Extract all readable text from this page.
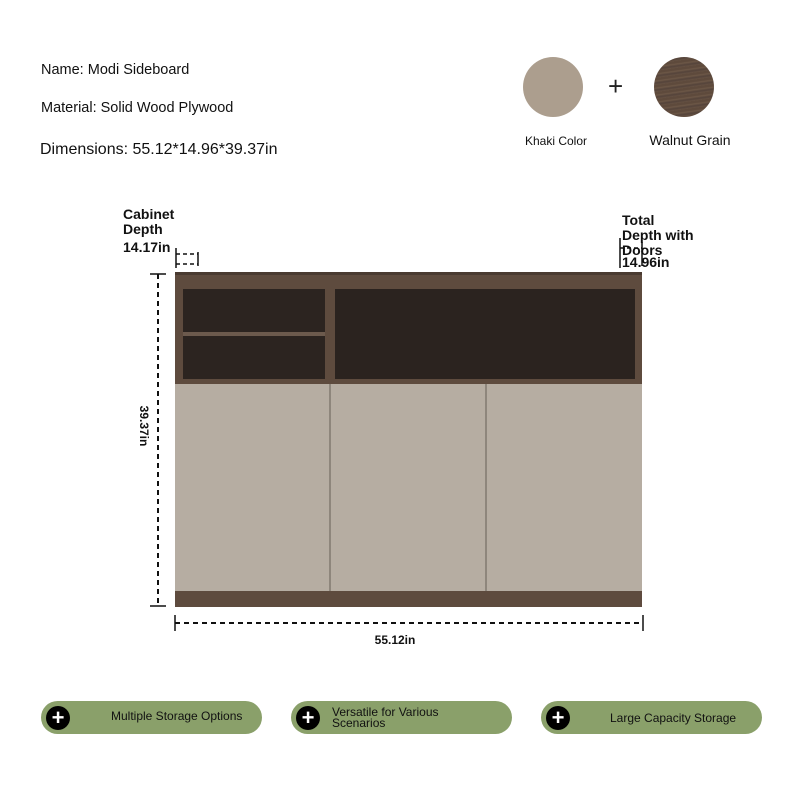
Name: Modi Sideboard
Material: Solid Wood Plywood
Dimensions: 55.12*14.96*39.37in	Khaki Color
+
Walnut Grain
Cabinet
Depth
14.17in
Total
Depth with
Doors
14.96in
39.37in
55.12in
+	Multiple Storage Options	+	Versatile for Various
Scenarios	+	Large Capacity Storage
